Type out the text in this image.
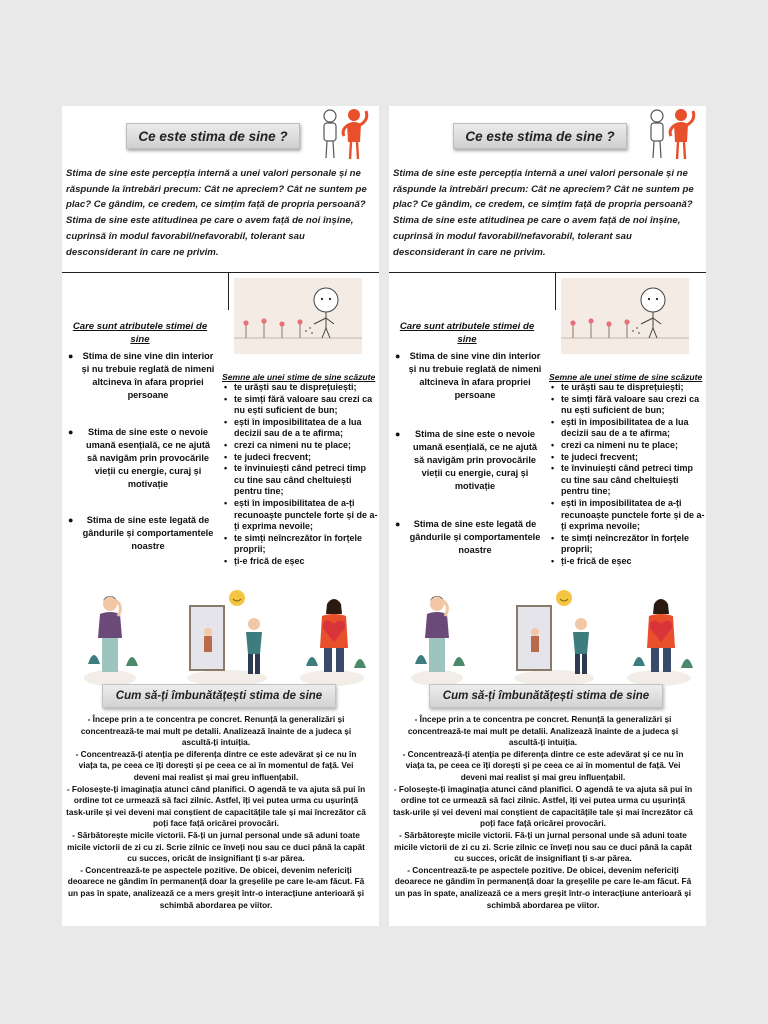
Ce este stima de sine ?
Stima de sine este percepția internă a unei valori personale și ne răspunde la întrebări precum: Cât ne apreciem? Cât ne suntem pe plac? Ce gândim, ce credem, ce simțim față de propria persoană? Stima de sine este atitudinea pe care o avem față de noi înșine, cuprinsă în modul favorabil/nefavorabil, tolerant sau desconsiderant în care ne privim.
Care sunt atributele stimei de sine
●	Stima de sine vine din interior și nu trebuie reglată de nimeni altcineva în afara propriei persoane
●	Stima de sine este o nevoie umană esențială, ce ne ajută să navigăm prin provocările vieții cu energie, curaj și motivație
●	Stima de sine este legată de gândurile și comportamentele noastre
Semne ale unei stime de sine scăzute
• te urăști sau te disprețuiești;
• te simți fără valoare sau crezi ca nu ești suficient de bun;
• ești în imposibilitatea de a lua decizii sau de a te afirma;
• crezi ca nimeni nu te place;
• te judeci frecvent;
• te învinuiești când petreci timp cu tine sau când cheltuiești pentru tine;
• ești în imposibilitatea de a-ți recunoaște punctele forte și de a-ți exprima nevoile;
• te simți neîncrezător în forțele proprii;
• ți-e frică de eșec
Cum să-ți îmbunătățești stima de sine

- Începe prin a te concentra pe concret. Renunță la generalizări și concentrează-te mai mult pe detalii. Analizează înainte de a judeca și ascultă-ți intuiția.

- Concentrează-ți atenția pe diferența dintre ce este adevărat și ce nu în viața ta, pe ceea ce îți dorești și pe ceea ce ai în momentul de față. Vei deveni mai realist și mai greu influențabil.

- Folosește-ți imaginația atunci când planifici. O agendă te va ajuta să pui în ordine tot ce urmează să faci zilnic. Astfel, îți vei putea urma cu ușurință task-urile și vei deveni mai conștient de capacitățile tale și mai încrezător că poți face față oricărei provocări.

- Sărbătorește micile victorii. Fă-ți un jurnal personal unde să aduni toate micile victorii de zi cu zi. Scrie zilnic ce înveți nou sau ce duci până la capăt cu succes, oricât de insignifiant ți s-ar părea.

- Concentrează-te pe aspectele pozitive. De obicei, devenim nefericiți deoarece ne gândim în permanență doar la greșelile pe care le-am făcut. Fă un pas în spate, analizează ce a mers greșit într-o interacțiune anterioară și schimbă abordarea pe viitor.

Ce este stima de sine ?
Stima de sine este percepția internă a unei valori personale și ne răspunde la întrebări precum: Cât ne apreciem? Cât ne suntem pe plac? Ce gândim, ce credem, ce simțim față de propria persoană? Stima de sine este atitudinea pe care o avem față de noi înșine, cuprinsă în modul favorabil/nefavorabil, tolerant sau desconsiderant în care ne privim.
Care sunt atributele stimei de sine
●	Stima de sine vine din interior și nu trebuie reglată de nimeni altcineva în afara propriei persoane
●	Stima de sine este o nevoie umană esențială, ce ne ajută să navigăm prin provocările vieții cu energie, curaj și motivație
●	Stima de sine este legată de gândurile și comportamentele noastre
Semne ale unei stime de sine scăzute
• te urăști sau te disprețuiești;
• te simți fără valoare sau crezi ca nu ești suficient de bun;
• ești în imposibilitatea de a lua decizii sau de a te afirma;
• crezi ca nimeni nu te place;
• te judeci frecvent;
• te învinuiești când petreci timp cu tine sau când cheltuiești pentru tine;
• ești în imposibilitatea de a-ți recunoaște punctele forte și de a-ți exprima nevoile;
• te simți neîncrezător în forțele proprii;
• ți-e frică de eșec
Cum să-ți îmbunătățești stima de sine

- Începe prin a te concentra pe concret. Renunță la generalizări și concentrează-te mai mult pe detalii. Analizează înainte de a judeca și ascultă-ți intuiția.

- Concentrează-ți atenția pe diferența dintre ce este adevărat și ce nu în viața ta, pe ceea ce îți dorești și pe ceea ce ai în momentul de față. Vei deveni mai realist și mai greu influențabil.

- Folosește-ți imaginația atunci când planifici. O agendă te va ajuta să pui în ordine tot ce urmează să faci zilnic. Astfel, îți vei putea urma cu ușurință task-urile și vei deveni mai conștient de capacitățile tale și mai încrezător că poți face față oricărei provocări.

- Sărbătorește micile victorii. Fă-ți un jurnal personal unde să aduni toate micile victorii de zi cu zi. Scrie zilnic ce înveți nou sau ce duci până la capăt cu succes, oricât de insignifiant ți s-ar părea.

- Concentrează-te pe aspectele pozitive. De obicei, devenim nefericiți deoarece ne gândim în permanență doar la greșelile pe care le-am făcut. Fă un pas în spate, analizează ce a mers greșit într-o interacțiune anterioară și schimbă abordarea pe viitor.
